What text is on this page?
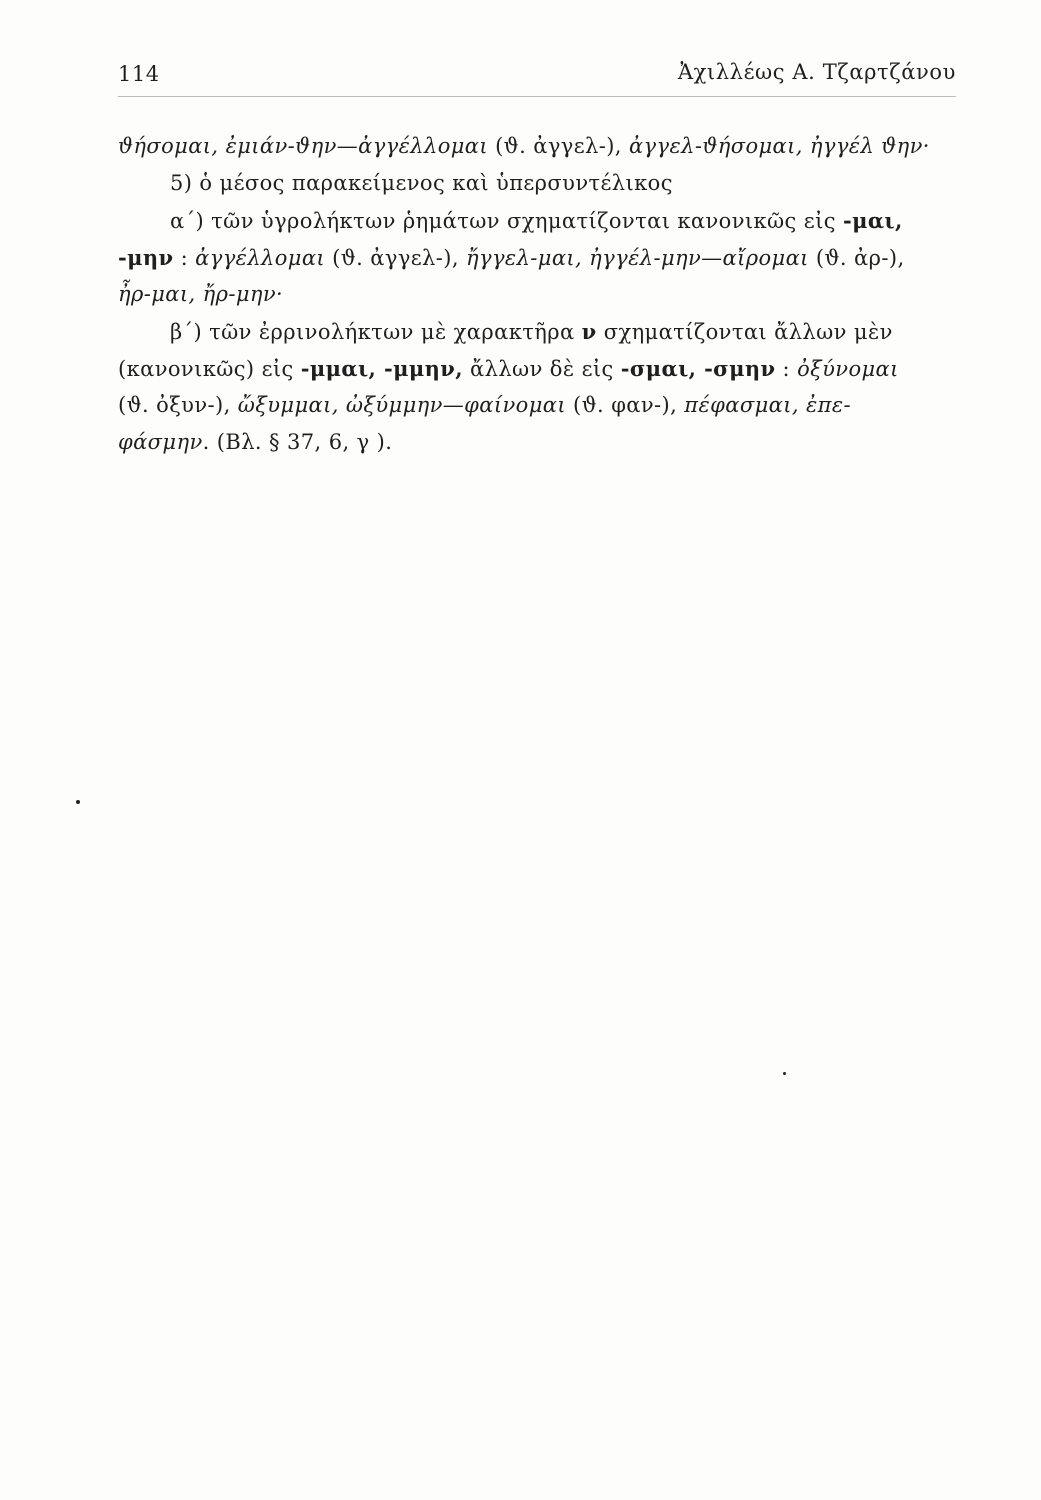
114	Ἀχιλλέως Α. Τζαρτζάνου
ϑήσομαι, ἐμιάν-ϑην—ἀγγέλλομαι (ϑ. ἀγγελ-), ἀγγελ-ϑήσομαι, ἠγγέλ ϑην·
5) ὁ μέσος παρακείμενος καὶ ὑπερσυντέλικος
α΄) τῶν ὑγρολήκτων ῥημάτων σχηματίζονται κανονικῶς εἰς -μαι,
-μην : ἀγγέλλομαι (ϑ. ἀγγελ-), ἤγγελ-μαι, ἠγγέλ-μην—αἴρομαι (ϑ. ἀρ-),
ἦρ-μαι, ἤρ-μην·
β΄) τῶν ἐρρινολήκτων μὲ χαρακτῆρα ν σχηματίζονται ἄλλων μὲν
(κανονικῶς) εἰς -μμαι, -μμην, ἄλλων δὲ εἰς -σμαι, -σμην : ὀξύνομαι
(ϑ. ὀξυν-), ὤξυμμαι, ὠξύμμην—φαίνομαι (ϑ. φαν-), πέφασμαι, ἐπε-
φάσμην. (Βλ. § 37, 6, γ ).
